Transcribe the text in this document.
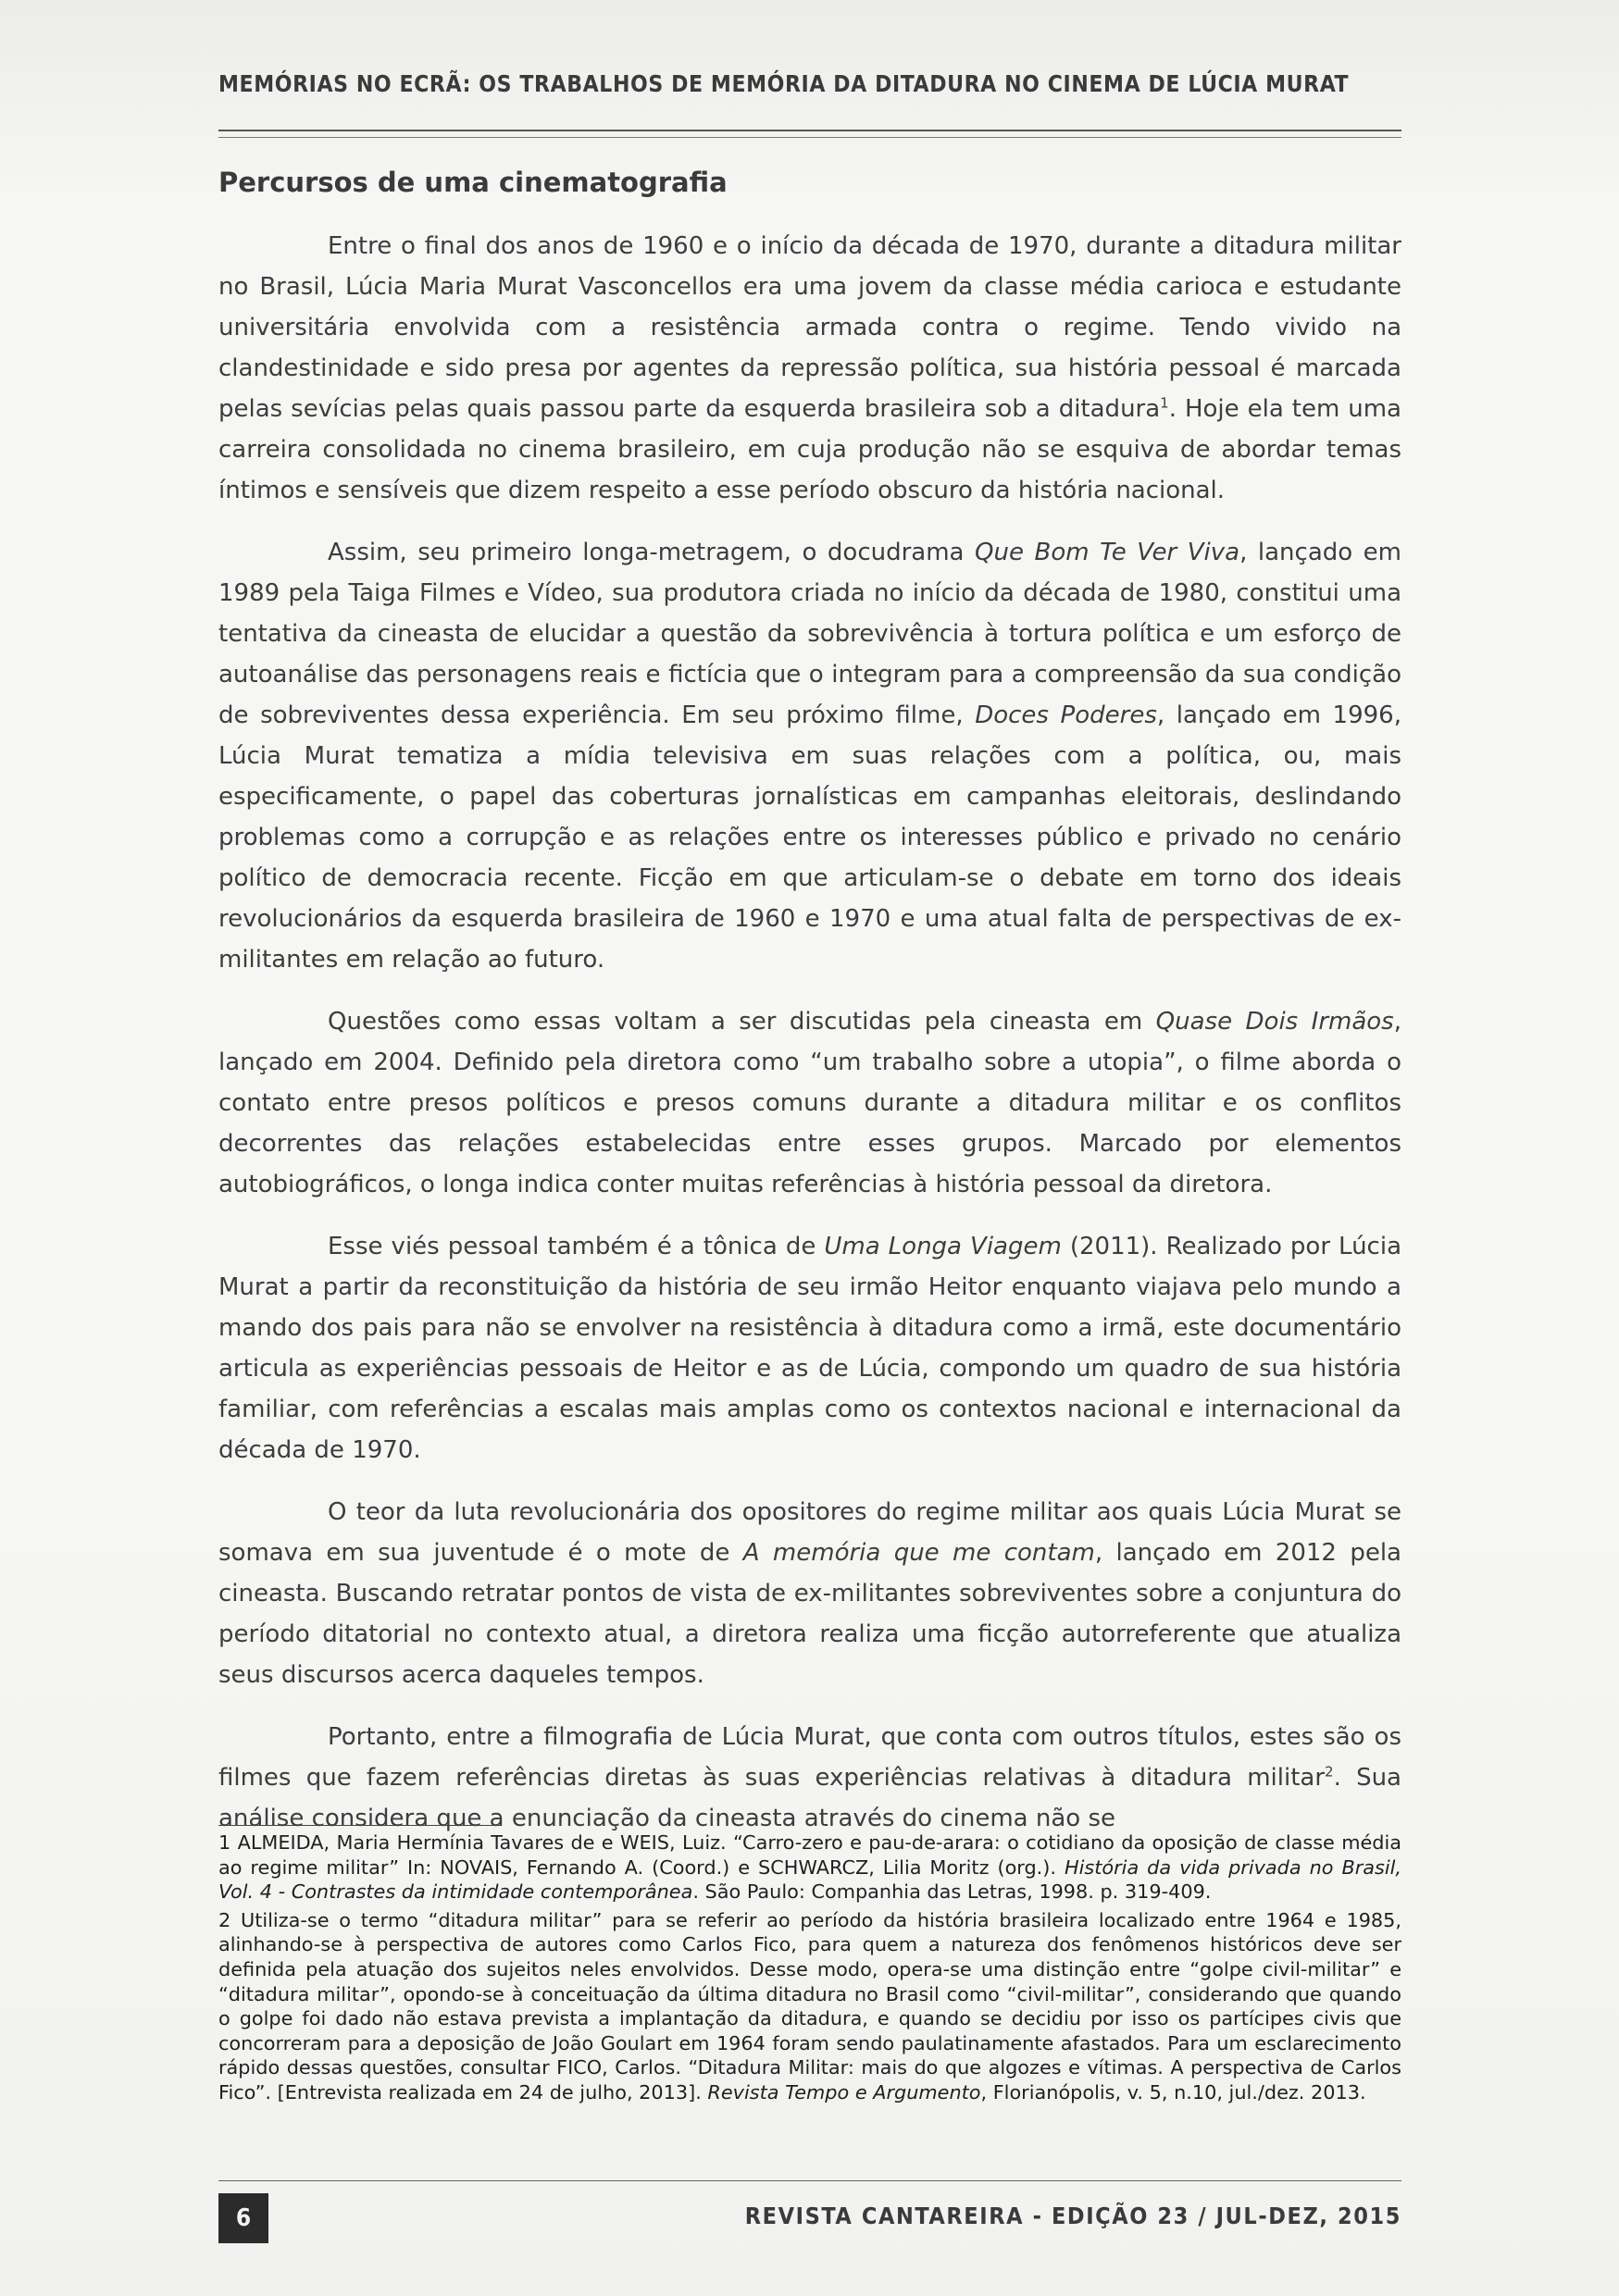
MEMÓRIAS NO ECRÃ: OS TRABALHOS DE MEMÓRIA DA DITADURA NO CINEMA DE LÚCIA MURAT
Percursos de uma cinematografia

Entre o final dos anos de 1960 e o início da década de 1970, durante a ditadura militar no Brasil, Lúcia Maria Murat Vasconcellos era uma jovem da classe média carioca e estudante universitária envolvida com a resistência armada contra o regime. Tendo vivido na clandestinidade e sido presa por agentes da repressão política, sua história pessoal é marcada pelas sevícias pelas quais passou parte da esquerda brasileira sob a ditadura$^1$. Hoje ela tem uma carreira consolidada no cinema brasileiro, em cuja produção não se esquiva de abordar temas íntimos e sensíveis que dizem respeito a esse período obscuro da história nacional.

Assim, seu primeiro longa-metragem, o docudrama Que Bom Te Ver Viva, lançado em 1989 pela Taiga Filmes e Vídeo, sua produtora criada no início da década de 1980, constitui uma tentativa da cineasta de elucidar a questão da sobrevivência à tortura política e um esforço de autoanálise das personagens reais e fictícia que o integram para a compreensão da sua condição de sobreviventes dessa experiência. Em seu próximo filme, Doces Poderes, lançado em 1996, Lúcia Murat tematiza a mídia televisiva em suas relações com a política, ou, mais especificamente, o papel das coberturas jornalísticas em campanhas eleitorais, deslindando problemas como a corrupção e as relações entre os interesses público e privado no cenário político de democracia recente. Ficção em que articulam-se o debate em torno dos ideais revolucionários da esquerda brasileira de 1960 e 1970 e uma atual falta de perspectivas de ex-militantes em relação ao futuro.

Questões como essas voltam a ser discutidas pela cineasta em Quase Dois Irmãos, lançado em 2004. Definido pela diretora como “um trabalho sobre a utopia”, o filme aborda o contato entre presos políticos e presos comuns durante a ditadura militar e os conflitos decorrentes das relações estabelecidas entre esses grupos. Marcado por elementos autobiográficos, o longa indica conter muitas referências à história pessoal da diretora.

Esse viés pessoal também é a tônica de Uma Longa Viagem (2011). Realizado por Lúcia Murat a partir da reconstituição da história de seu irmão Heitor enquanto viajava pelo mundo a mando dos pais para não se envolver na resistência à ditadura como a irmã, este documentário articula as experiências pessoais de Heitor e as de Lúcia, compondo um quadro de sua história familiar, com referências a escalas mais amplas como os contextos nacional e internacional da década de 1970.

O teor da luta revolucionária dos opositores do regime militar aos quais Lúcia Murat se somava em sua juventude é o mote de A memória que me contam, lançado em 2012 pela cineasta. Buscando retratar pontos de vista de ex-militantes sobreviventes sobre a conjuntura do período ditatorial no contexto atual, a diretora realiza uma ficção autorreferente que atualiza seus discursos acerca daqueles tempos.

Portanto, entre a filmografia de Lúcia Murat, que conta com outros títulos, estes são os filmes que fazem referências diretas às suas experiências relativas à ditadura militar$^2$. Sua análise considera que a enunciação da cineasta através do cinema não se

1 ALMEIDA, Maria Hermínia Tavares de e WEIS, Luiz. “Carro-zero e pau-de-arara: o cotidiano da oposição de classe média ao regime militar” In: NOVAIS, Fernando A. (Coord.) e SCHWARCZ, Lilia Moritz (org.). História da vida privada no Brasil, Vol. 4 - Contrastes da intimidade contemporânea. São Paulo: Companhia das Letras, 1998. p. 319-409.

2 Utiliza-se o termo “ditadura militar” para se referir ao período da história brasileira localizado entre 1964 e 1985, alinhando-se à perspectiva de autores como Carlos Fico, para quem a natureza dos fenômenos históricos deve ser definida pela atuação dos sujeitos neles envolvidos. Desse modo, opera-se uma distinção entre “golpe civil-militar” e “ditadura militar”, opondo-se à conceituação da última ditadura no Brasil como “civil-militar”, considerando que quando o golpe foi dado não estava prevista a implantação da ditadura, e quando se decidiu por isso os partícipes civis que concorreram para a deposição de João Goulart em 1964 foram sendo paulatinamente afastados. Para um esclarecimento rápido dessas questões, consultar FICO, Carlos. “Ditadura Militar: mais do que algozes e vítimas. A perspectiva de Carlos Fico”. [Entrevista realizada em 24 de julho, 2013]. Revista Tempo e Argumento, Florianópolis, v. 5, n.10, jul./dez. 2013.

6	REVISTA CANTAREIRA - EDIÇÃO 23 / JUL-DEZ, 2015
